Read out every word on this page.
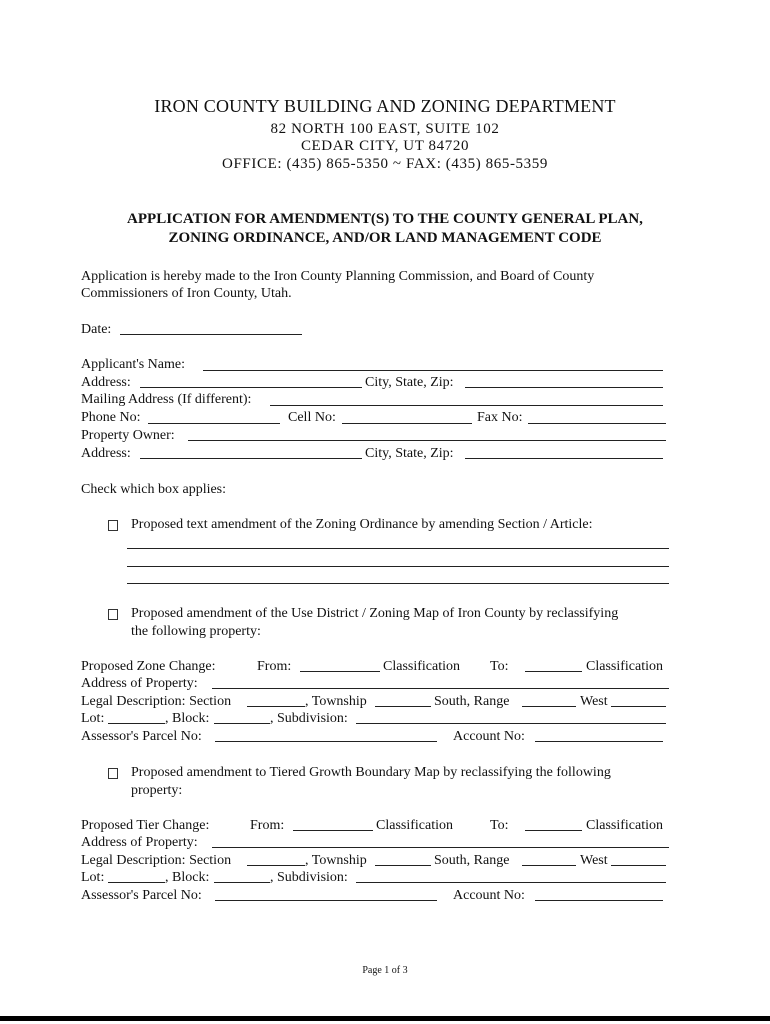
IRON COUNTY BUILDING AND ZONING DEPARTMENT
82 NORTH 100 EAST, SUITE 102
CEDAR CITY, UT 84720
OFFICE: (435) 865-5350 ~ FAX: (435) 865-5359
APPLICATION FOR AMENDMENT(S) TO THE COUNTY GENERAL PLAN,
ZONING ORDINANCE, AND/OR LAND MANAGEMENT CODE
Application is hereby made to the Iron County Planning Commission, and Board of County
Commissioners of Iron County, Utah.
Date:
Applicant's Name:
Address:	City, State, Zip:
Mailing Address (If different):
Phone No:	Cell No:	Fax No:
Property Owner:
Address:	City, State, Zip:
Check which box applies:
Proposed text amendment of the Zoning Ordinance by amending Section / Article:
Proposed amendment of the Use District / Zoning Map of Iron County by reclassifying
the following property:
Proposed Zone Change:	From:	Classification To:	Classification
Address of Property:
Legal Description: Section	, Township	South, Range	West
Lot:	, Block:	, Subdivision:
Assessor's Parcel No:	Account No:
Proposed amendment to Tiered Growth Boundary Map by reclassifying the following
property:
Proposed Tier Change:	From:	Classification	To:	Classification
Address of Property:
Legal Description: Section	, Township	South, Range	West
Lot:	, Block:	, Subdivision:
Assessor's Parcel No:	Account No:
Page 1 of 3
